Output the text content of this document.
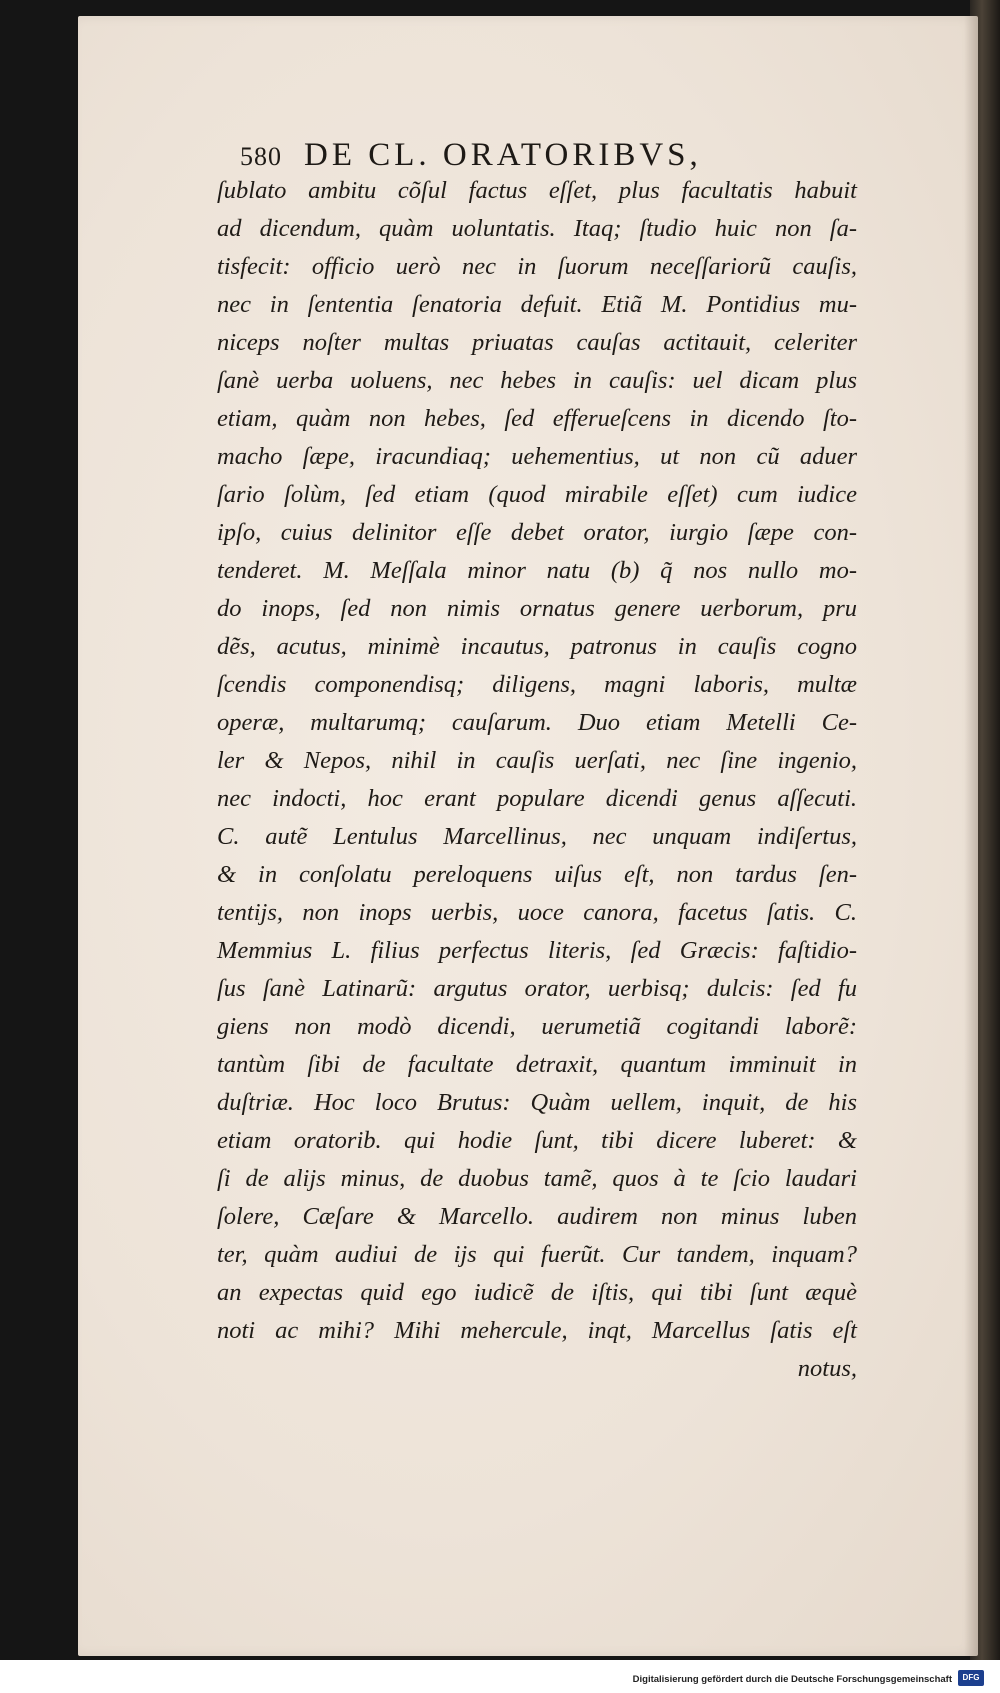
580 DE CL. ORATORIBVS,
ſublato ambitu cõſul factus eſſet, plus facultatis habuit
ad dicendum, quàm uoluntatis. Itaq; ſtudio huic non ſa-
tisfecit: officio uerò nec in ſuorum neceſſariorũ cauſis,
nec in ſententia ſenatoria defuit. Etiã M. Pontidius mu-
niceps noſter multas priuatas cauſas actitauit, celeriter
ſanè uerba uoluens, nec hebes in cauſis: uel dicam plus
etiam, quàm non hebes, ſed efferueſcens in dicendo ſto-
macho ſæpe, iracundiaq; uehementius, ut non cũ aduer
ſario ſolùm, ſed etiam (quod mirabile eſſet) cum iudice
ipſo, cuius delinitor eſſe debet orator, iurgio ſæpe con-
tenderet. M. Meſſala minor natu (b) q̃ nos nullo mo-
do inops, ſed non nimis ornatus genere uerborum, pru
dẽs, acutus, minimè incautus, patronus in cauſis cogno
ſcendis componendisq; diligens, magni laboris, multæ
operæ, multarumq; cauſarum. Duo etiam Metelli Ce-
ler & Nepos, nihil in cauſis uerſati, nec ſine ingenio,
nec indocti, hoc erant populare dicendi genus aſſecuti.
C. autẽ Lentulus Marcellinus, nec unquam indiſertus,
& in conſolatu pereloquens uiſus eſt, non tardus ſen-
tentijs, non inops uerbis, uoce canora, facetus ſatis. C.
Memmius L. filius perfectus literis, ſed Græcis: faſtidio-
ſus ſanè Latinarũ: argutus orator, uerbisq; dulcis: ſed fu
giens non modò dicendi, uerumetiã cogitandi laborẽ:
tantùm ſibi de facultate detraxit, quantum imminuit in
duſtriæ. Hoc loco Brutus: Quàm uellem, inquit, de his
etiam oratorib. qui hodie ſunt, tibi dicere luberet: &
ſi de alijs minus, de duobus tamẽ, quos à te ſcio laudari
ſolere, Cæſare & Marcello. audirem non minus luben
ter, quàm audiui de ijs qui fuerũt. Cur tandem, inquam?
an expectas quid ego iudicẽ de iſtis, qui tibi ſunt æquè
noti ac mihi? Mihi mehercule, inqt, Marcellus ſatis eſt
notus,
Digitalisierung gefördert durch die Deutsche Forschungsgemeinschaft	DFG
